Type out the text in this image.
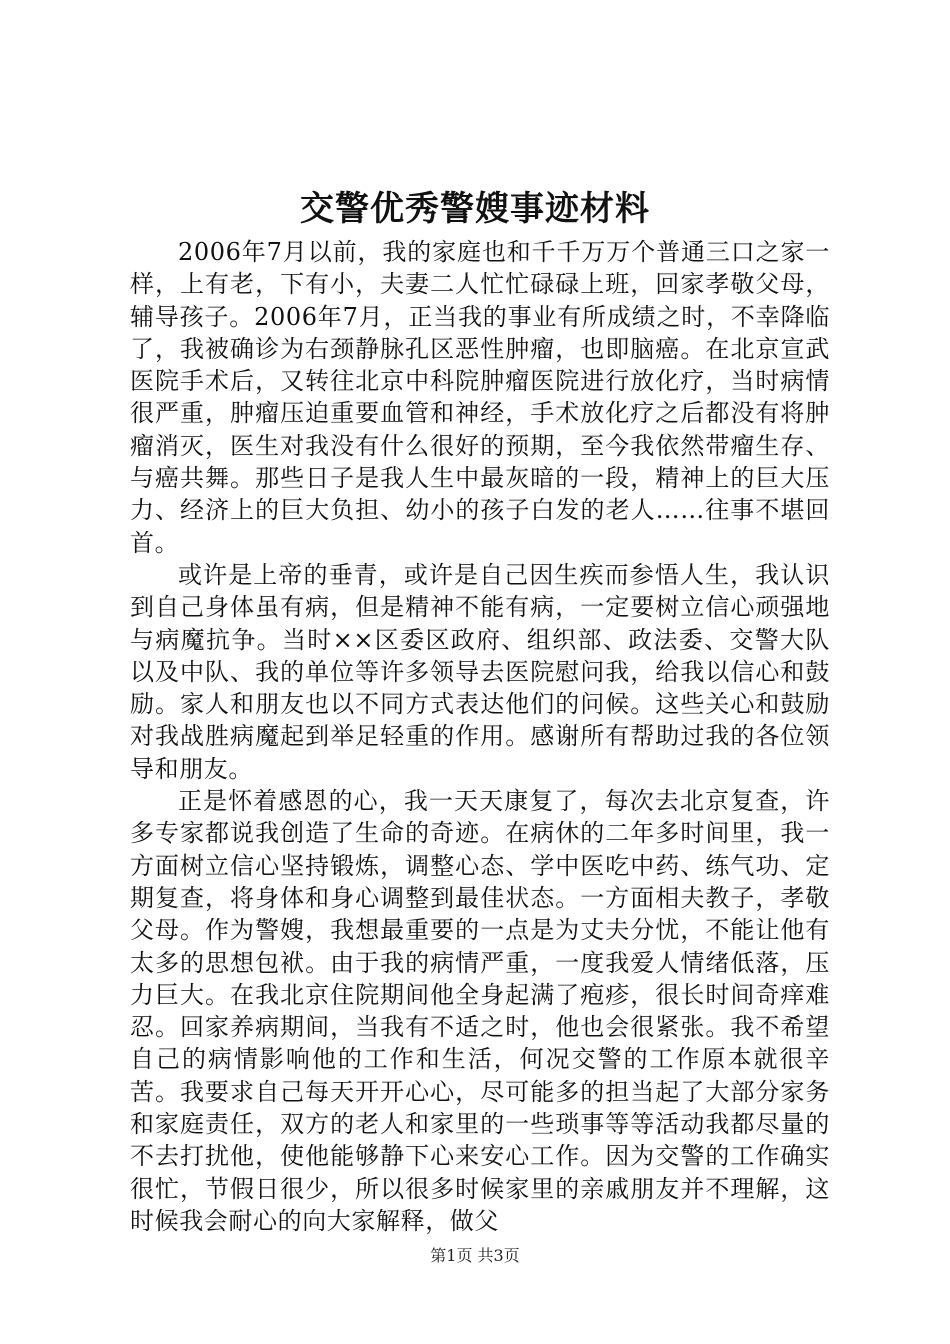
交警优秀警嫂事迹材料

2006年7月以前，我的家庭也和千千万万个普通三口之家一样，上有老，下有小，夫妻二人忙忙碌碌上班，回家孝敬父母，辅导孩子。2006年7月，正当我的事业有所成绩之时，不幸降临了，我被确诊为右颈静脉孔区恶性肿瘤，也即脑癌。在北京宣武医院手术后，又转往北京中科院肿瘤医院进行放化疗，当时病情很严重，肿瘤压迫重要血管和神经，手术放化疗之后都没有将肿瘤消灭，医生对我没有什么很好的预期，至今我依然带瘤生存、与癌共舞。那些日子是我人生中最灰暗的一段，精神上的巨大压力、经济上的巨大负担、幼小的孩子白发的老人……往事不堪回首。

或许是上帝的垂青，或许是自己因生疾而参悟人生，我认识到自己身体虽有病，但是精神不能有病，一定要树立信心顽强地与病魔抗争。当时××区委区政府、组织部、政法委、交警大队以及中队、我的单位等许多领导去医院慰问我，给我以信心和鼓励。家人和朋友也以不同方式表达他们的问候。这些关心和鼓励对我战胜病魔起到举足轻重的作用。感谢所有帮助过我的各位领导和朋友。

正是怀着感恩的心，我一天天康复了，每次去北京复查，许多专家都说我创造了生命的奇迹。在病休的二年多时间里，我一方面树立信心坚持锻炼，调整心态、学中医吃中药、练气功、定期复查，将身体和身心调整到最佳状态。一方面相夫教子，孝敬父母。作为警嫂，我想最重要的一点是为丈夫分忧，不能让他有太多的思想包袱。由于我的病情严重，一度我爱人情绪低落，压力巨大。在我北京住院期间他全身起满了疱疹，很长时间奇痒难忍。回家养病期间，当我有不适之时，他也会很紧张。我不希望自己的病情影响他的工作和生活，何况交警的工作原本就很辛苦。我要求自己每天开开心心，尽可能多的担当起了大部分家务和家庭责任，双方的老人和家里的一些琐事等等活动我都尽量的不去打扰他，使他能够静下心来安心工作。因为交警的工作确实很忙，节假日很少，所以很多时候家里的亲戚朋友并不理解，这时候我会耐心的向大家解释，做父

第1页 共3页
